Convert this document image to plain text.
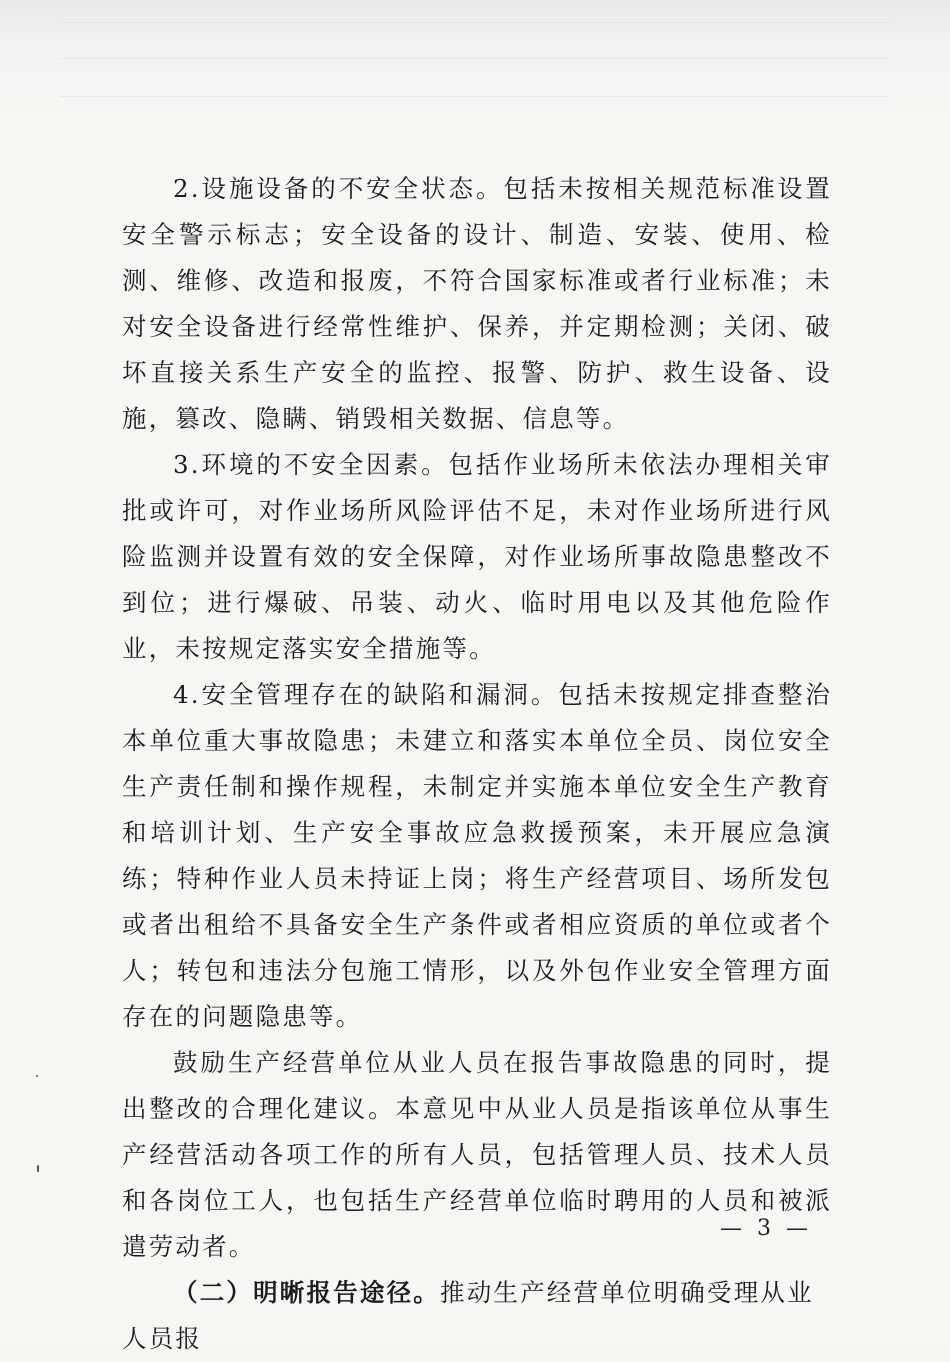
2.设施设备的不安全状态。包括未按相关规范标准设置安全警示标志；安全设备的设计、制造、安装、使用、检测、维修、改造和报废，不符合国家标准或者行业标准；未对安全设备进行经常性维护、保养，并定期检测；关闭、破坏直接关系生产安全的监控、报警、防护、救生设备、设施，篡改、隐瞒、销毁相关数据、信息等。

3.环境的不安全因素。包括作业场所未依法办理相关审批或许可，对作业场所风险评估不足，未对作业场所进行风险监测并设置有效的安全保障，对作业场所事故隐患整改不到位；进行爆破、吊装、动火、临时用电以及其他危险作业，未按规定落实安全措施等。

4.安全管理存在的缺陷和漏洞。包括未按规定排查整治本单位重大事故隐患；未建立和落实本单位全员、岗位安全生产责任制和操作规程，未制定并实施本单位安全生产教育和培训计划、生产安全事故应急救援预案，未开展应急演练；特种作业人员未持证上岗；将生产经营项目、场所发包或者出租给不具备安全生产条件或者相应资质的单位或者个人；转包和违法分包施工情形，以及外包作业安全管理方面存在的问题隐患等。

鼓励生产经营单位从业人员在报告事故隐患的同时，提出整改的合理化建议。本意见中从业人员是指该单位从事生产经营活动各项工作的所有人员，包括管理人员、技术人员和各岗位工人，也包括生产经营单位临时聘用的人员和被派遣劳动者。

（二）明晰报告途径。推动生产经营单位明确受理从业人员报

— 3 —
